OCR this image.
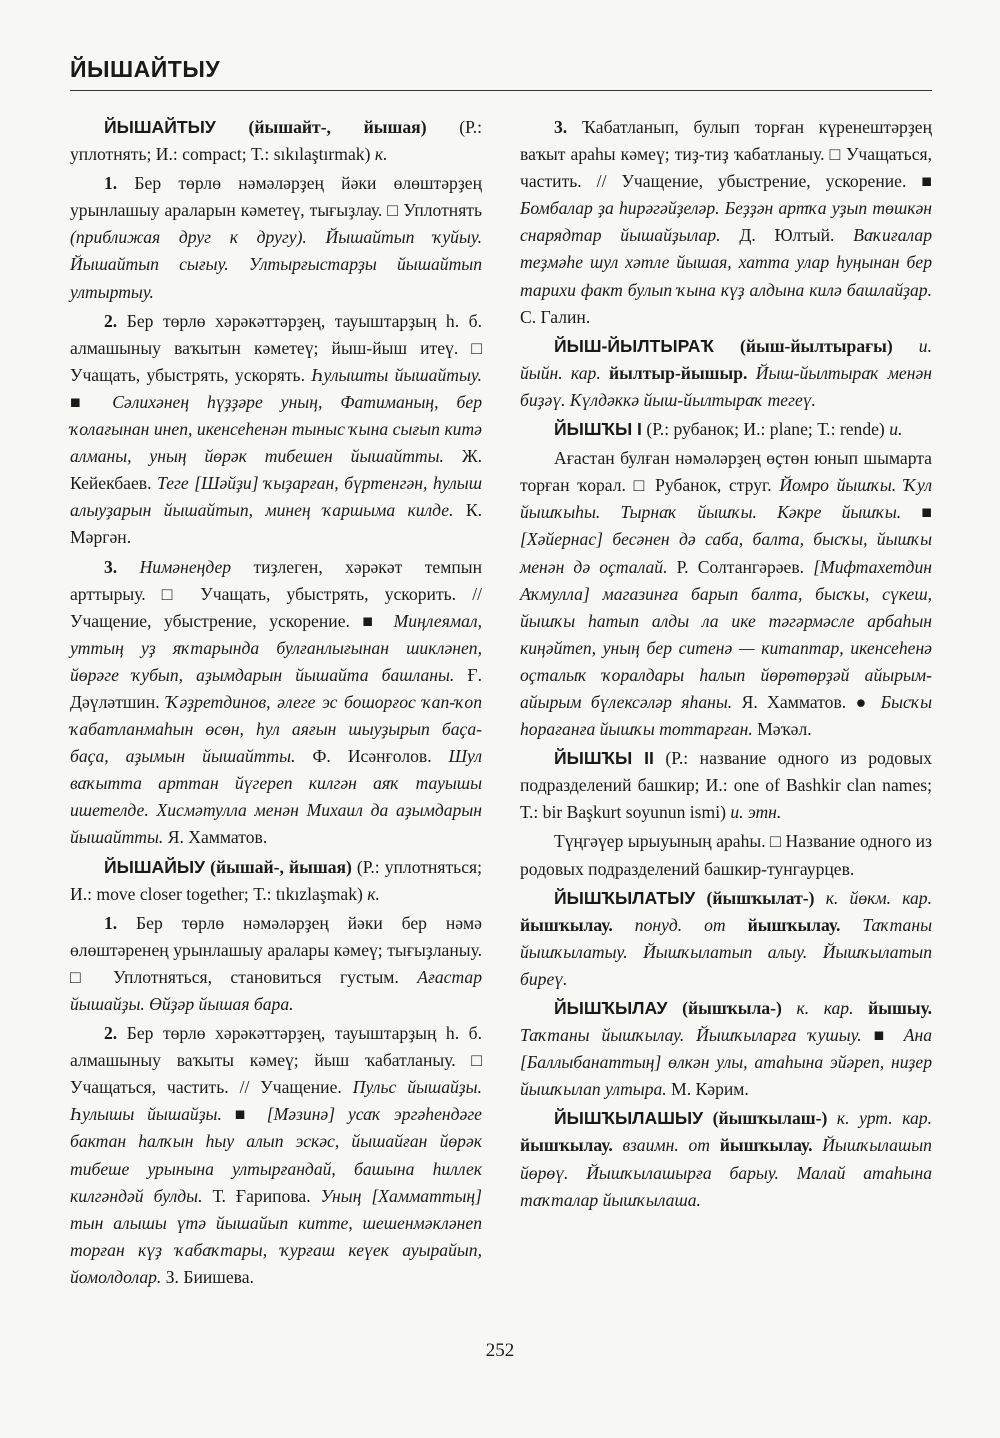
ЙЫШАЙТЫУ

ЙЫШАЙТЫУ (йышайт-, йышая) (Р.: уплотнять; И.: compact; Т.: sıkılaştırmak) к.

1. Бер төрлө нәмәләрҙең йәки өлөштәрҙең урынлашыу араларын кәметеү, тығыҙлау. □ Уплотнять (приближая друг к другу). Йышайтып ҡуйыу. Йышайтып сығыу. Ултырғыстарҙы йышайтып ултыртыу.

2. Бер төрлө хәрәкәттәрҙең, тауыштарҙың һ. б. алмашыныу ваҡытын кәметеү; йыш-йыш итеү. □ Учащать, убыстрять, ускорять. Һулышты йышайтыу. ■ Сәлихәнең һүҙҙәре уның, Фатиманың, бер ҡолағынан инеп, икенсеһенән тыныс ҡына сығып китә алманы, уның йөрәк тибешен йышайтты. Ж. Кейекбаев. Теге [Шәйҙи] ҡыҙарған, бүртенгән, һулыш алыуҙарын йышайтып, минең ҡаршыма килде. К. Мәргән.

3. Нимәнеңдер тиҙлеген, хәрәкәт темпын арттырыу. □ Учащать, убыстрять, ускорить. // Учащение, убыстрение, ускорение. ■ Миңлеямал, уттың уҙ яҡтарында булғанлығынан шикләнеп, йөрәге ҡубып, аҙымдарын йышайта башланы. Ғ. Дәүләтшин. Ҡәҙретдинов, әлеге эс бошорғос ҡап-ҡоп ҡабатланмаһын өсөн, һул аяғын шыуҙырып баҫа-баҫа, аҙымын йышайтты. Ф. Исәнғолов. Шул ваҡытта арттан йүгереп килгән аяҡ тауышы ишетелде. Хисмәтулла менән Михаил да аҙымдарын йышайтты. Я. Хамматов.

ЙЫШАЙЫУ (йышай-, йышая) (Р.: уплотняться; И.: move closer together; Т.: tıkızlaşmak) к.

1. Бер төрлө нәмәләрҙең йәки бер нәмә өлөштәренең урынлашыу аралары кәмеү; тығыҙланыу. □ Уплотняться, становиться густым. Ағастар йышайҙы. Өйҙәр йышая бара.

2. Бер төрлө хәрәкәттәрҙең, тауыштарҙың һ. б. алмашыныу ваҡыты кәмеү; йыш ҡабатланыу. □ Учащаться, частить. // Учащение. Пульс йышайҙы. Һулышы йышайҙы. ■ [Мәзинә] усаҡ эргәһендәге бактан һалҡын һыу алып эскәс, йышайған йөрәк тибеше урынына ултырғандай, башына һиллек килгәндәй булды. Т. Ғарипова. Уның [Хамматтың] тын алышы үтә йышайып китте, шешенмәкләнеп торған күҙ ҡабаҡтары, ҡурғаш кеүек ауырайып, йомолдолар. З. Биишева.

3. Ҡабатланып, булып торған күренештәрҙең ваҡыт араһы кәмеү; тиҙ-тиҙ ҡабатланыу. □ Учащаться, частить. // Учащение, убыстрение, ускорение. ■ Бомбалар ҙа һирәгәйҙеләр. Беҙҙән артҡа уҙып төшкән снарядтар йышайҙылар. Д. Юлтый. Ваҡиғалар теҙмәһе шул хәтле йышая, хатта улар һуңынан бер тарихи факт булып ҡына күҙ алдына килә башлайҙар. С. Галин.

ЙЫШ-ЙЫЛТЫРАҠ (йыш-йылтырағы) и. йыйн. кар. йылтыр-йышыр. Йыш-йылтыраҡ менән биҙәү. Күлдәккә йыш-йылтыраҡ тегеү.

ЙЫШҠЫ I (Р.: рубанок; И.: plane; Т.: rende) и.

Ағастан булған нәмәләрҙең өҫтөн юнып шымарта торған ҡорал. □ Рубанок, струг. Йомро йышҡы. Ҡул йышҡыһы. Тырнаҡ йышҡы. Кәкре йышҡы. ■ [Хәйернас] бесәнен дә саба, балта, бысҡы, йышҡы менән дә оҫталай. Р. Солтангәрәев. [Мифтахетдин Аҡмулла] магазинға барып балта, бысҡы, сүкеш, йышҡы һатып алды ла ике тәгәрмәсле арбаһын киңәйтеп, уның бер ситенә — китаптар, икенсеһенә оҫталыҡ ҡоралдары һалып йөрөтөрҙәй айырым-айырым бүлексәләр яһаны. Я. Хамматов. ● Бысҡы һорағанға йышҡы тоттарған. Мәҡәл.

ЙЫШҠЫ II (Р.: название одного из родовых подразделений башкир; И.: one of Bashkir clan names; Т.: bir Başkurt soyunun ismi) и. этн.

Түңгәүер ырыуының араһы. □ Название одного из родовых подразделений башкир-тунгаурцев.

ЙЫШҠЫЛАТЫУ (йышҡылат-) к. йөкм. кар. йышҡылау. понуд. от йышҡылау. Таҡтаны йышҡылатыу. Йышҡылатып алыу. Йышҡылатып биреү.

ЙЫШҠЫЛАУ (йышҡыла-) к. кар. йышыу. Таҡтаны йышҡылау. Йышҡыларға ҡушыу. ■ Ана [Баллыбанаттың] өлкән улы, атаһына эйәреп, ниҙер йышҡылап ултыра. М. Кәрим.

ЙЫШҠЫЛАШЫУ (йышҡылаш-) к. урт. кар. йышҡылау. взаимн. от йышҡылау. Йышҡылашып йөрөү. Йышҡылашырға барыу. Малай атаһына таҡталар йышҡылаша.

252
